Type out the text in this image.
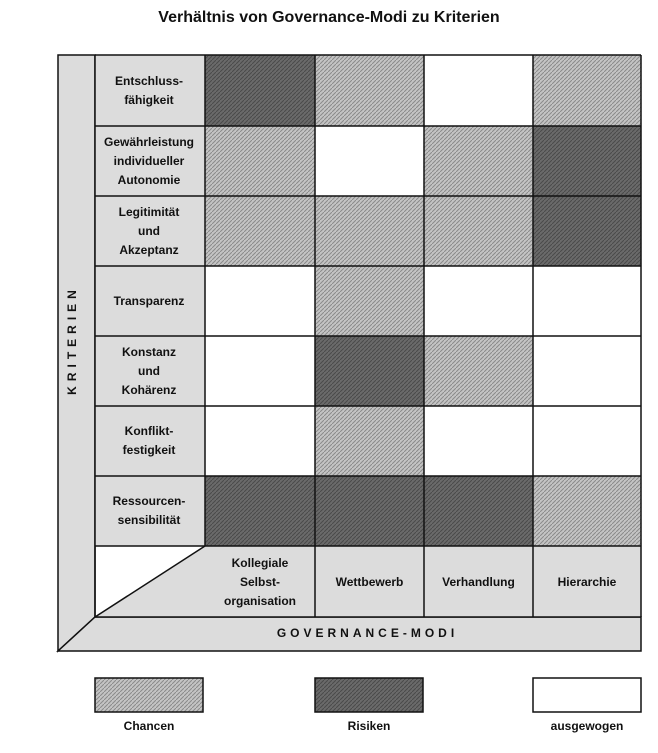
Verhältnis von Governance-Modi zu Kriterien
KRITERIEN
GOVERNANCE-MODI
Entschluss-
fähigkeit
Gewährleistung
individueller
Autonomie
Legitimität
und
Akzeptanz
Transparenz
Konstanz
und
Kohärenz
Konflikt-
festigkeit
Ressourcen-
sensibilität
Kollegiale
Selbst-
organisation
Wettbewerb	Verhandlung	Hierarchie
Chancen	Risiken	ausgewogen
